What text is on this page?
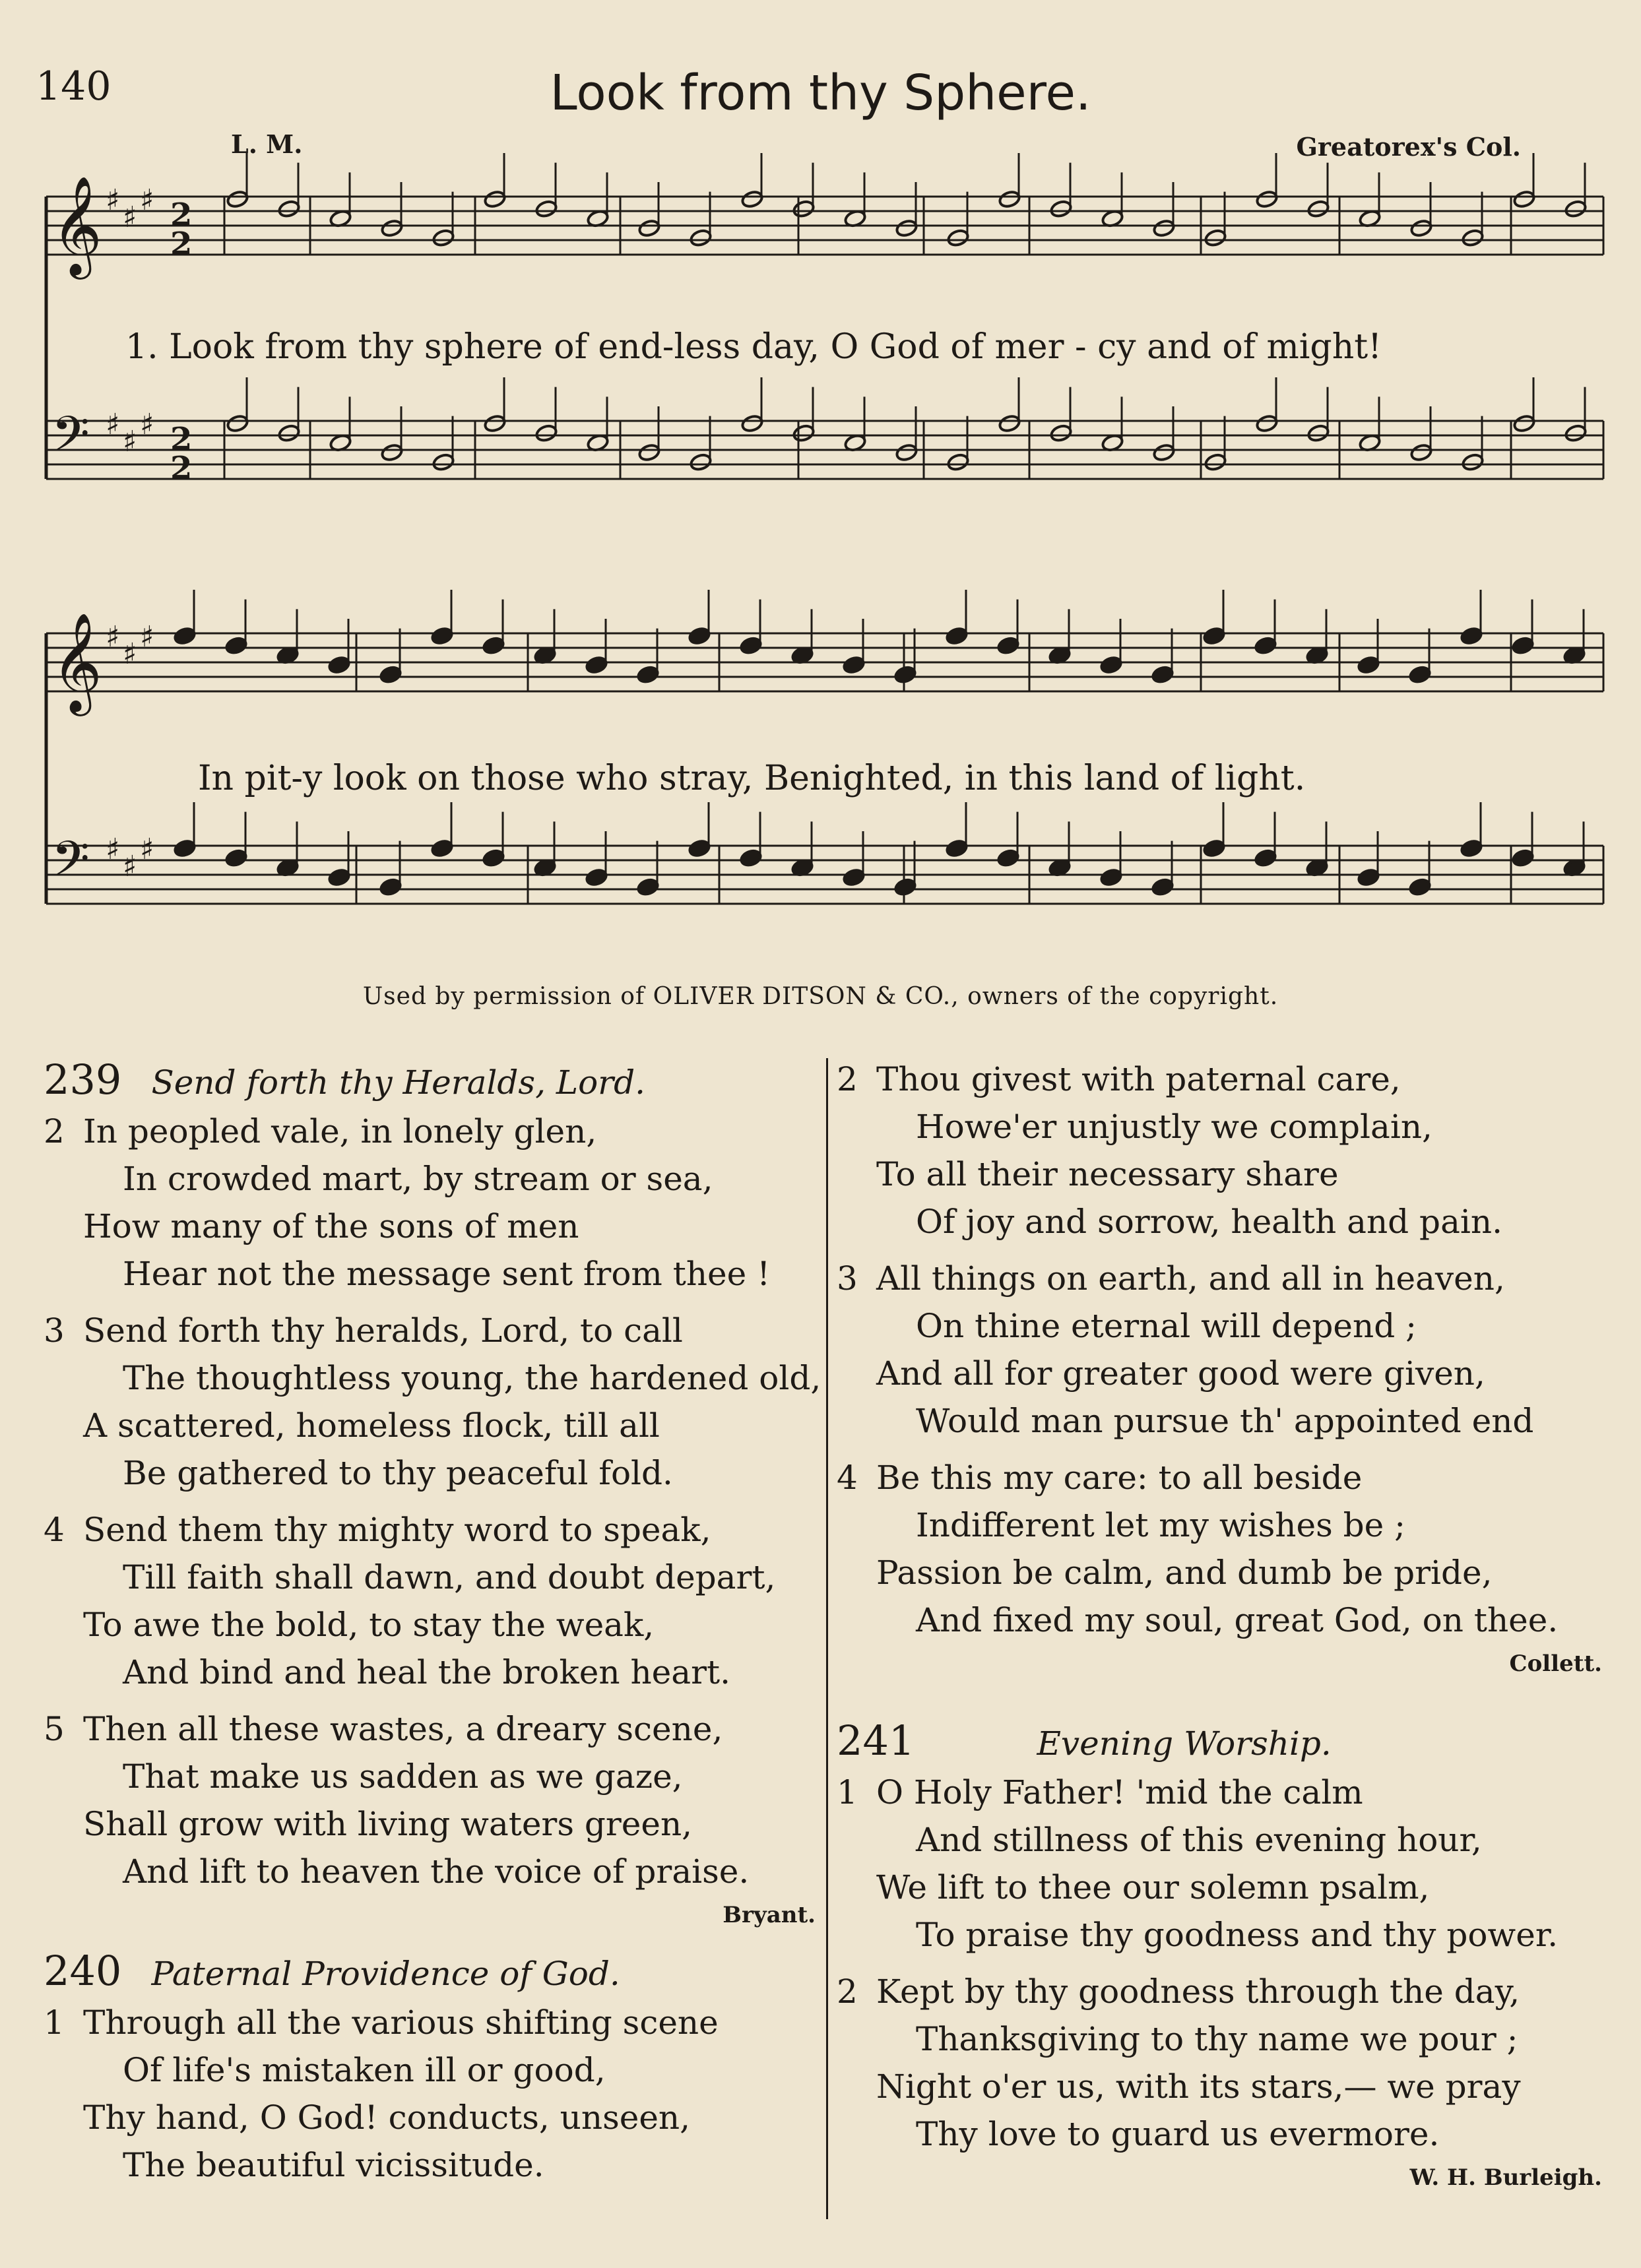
140	Look from thy Sphere.
L. M.	Greatorex's Col.
𝄞 ♯
♯
♯
𝄢 ♯
♯
♯
𝄞 ♯
♯
♯
𝄢 ♯
♯
♯
2
2
2
2
1. Look from thy sphere of end-less day, O God of mer - cy and of might!
In pit-y look on those who stray, Benighted, in this land of light.
Used by permission of OLIVER DITSON & CO., owners of the copyright.
239 Send forth thy Heralds, Lord.
2 In peopled vale, in lonely glen,
In crowded mart, by stream or sea,
How many of the sons of men
Hear not the message sent from thee !
3 Send forth thy heralds, Lord, to call
The thoughtless young, the hardened old,
A scattered, homeless flock, till all
Be gathered to thy peaceful fold.
4 Send them thy mighty word to speak,
Till faith shall dawn, and doubt depart,
To awe the bold, to stay the weak,
And bind and heal the broken heart.
5 Then all these wastes, a dreary scene,
That make us sadden as we gaze,
Shall grow with living waters green,
And lift to heaven the voice of praise.
Bryant.
240 Paternal Providence of God.
1 Through all the various shifting scene
Of life's mistaken ill or good,
Thy hand, O God! conducts, unseen,
The beautiful vicissitude.
2 Thou givest with paternal care,
Howe'er unjustly we complain,
To all their necessary share
Of joy and sorrow, health and pain.
3 All things on earth, and all in heaven,
On thine eternal will depend ;
And all for greater good were given,
Would man pursue th' appointed end
4 Be this my care: to all beside
Indifferent let my wishes be ;
Passion be calm, and dumb be pride,
And fixed my soul, great God, on thee.
Collett.
241	Evening Worship.
1 O Holy Father! 'mid the calm
And stillness of this evening hour,
We lift to thee our solemn psalm,
To praise thy goodness and thy power.
2 Kept by thy goodness through the day,
Thanksgiving to thy name we pour ;
Night o'er us, with its stars,— we pray
Thy love to guard us evermore.
W. H. Burleigh.
